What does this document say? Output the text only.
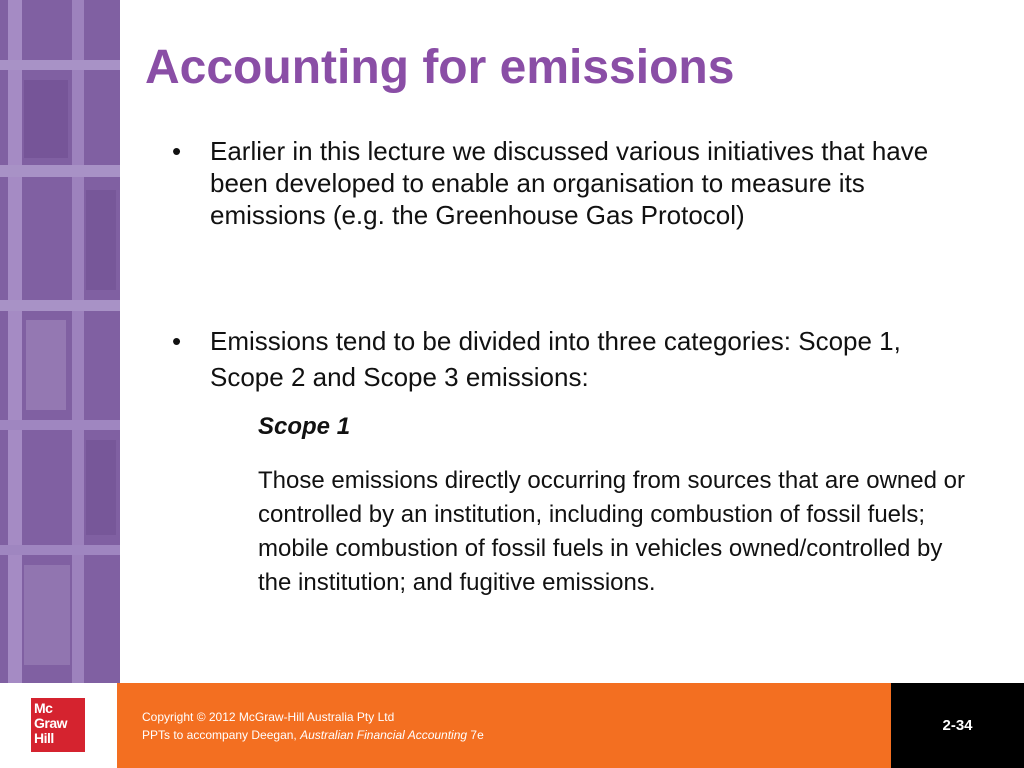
Accounting for emissions
• Earlier in this lecture we discussed various initiatives that have been developed to enable an organisation to measure its emissions (e.g. the Greenhouse Gas Protocol)
• Emissions tend to be divided into three categories: Scope 1, Scope 2 and Scope 3 emissions:
Scope 1
Those emissions directly occurring from sources that are owned or controlled by an institution, including combustion of fossil fuels; mobile combustion of fossil fuels in vehicles owned/controlled by the institution; and fugitive emissions.
Mc
Graw
Hill
Copyright © 2012 McGraw-Hill Australia Pty Ltd
PPTs to accompany Deegan, Australian Financial Accounting 7e
2-34
